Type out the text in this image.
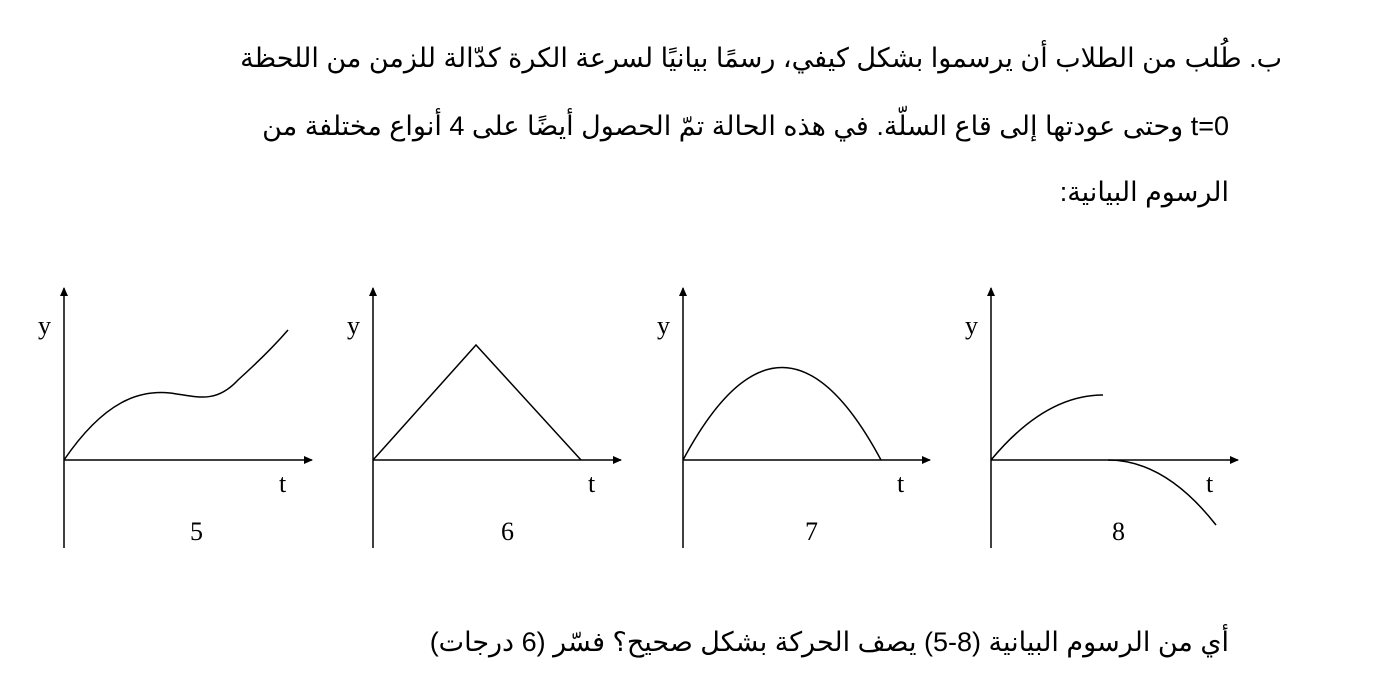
ب. طُلب من الطلاب أن يرسموا بشكل كيفي، رسمًا بيانيًا لسرعة الكرة كدّالة للزمن من اللحظة
t=0 وحتى عودتها إلى قاع السلّة. في هذه الحالة تمّ الحصول أيضًا على 4 أنواع مختلفة من
الرسوم البيانية:
y
t
5
y
t
6
y
t
7
y
t
8
أي من الرسوم البيانية (8-5) يصف الحركة بشكل صحيح؟ فسّر (6 درجات)
